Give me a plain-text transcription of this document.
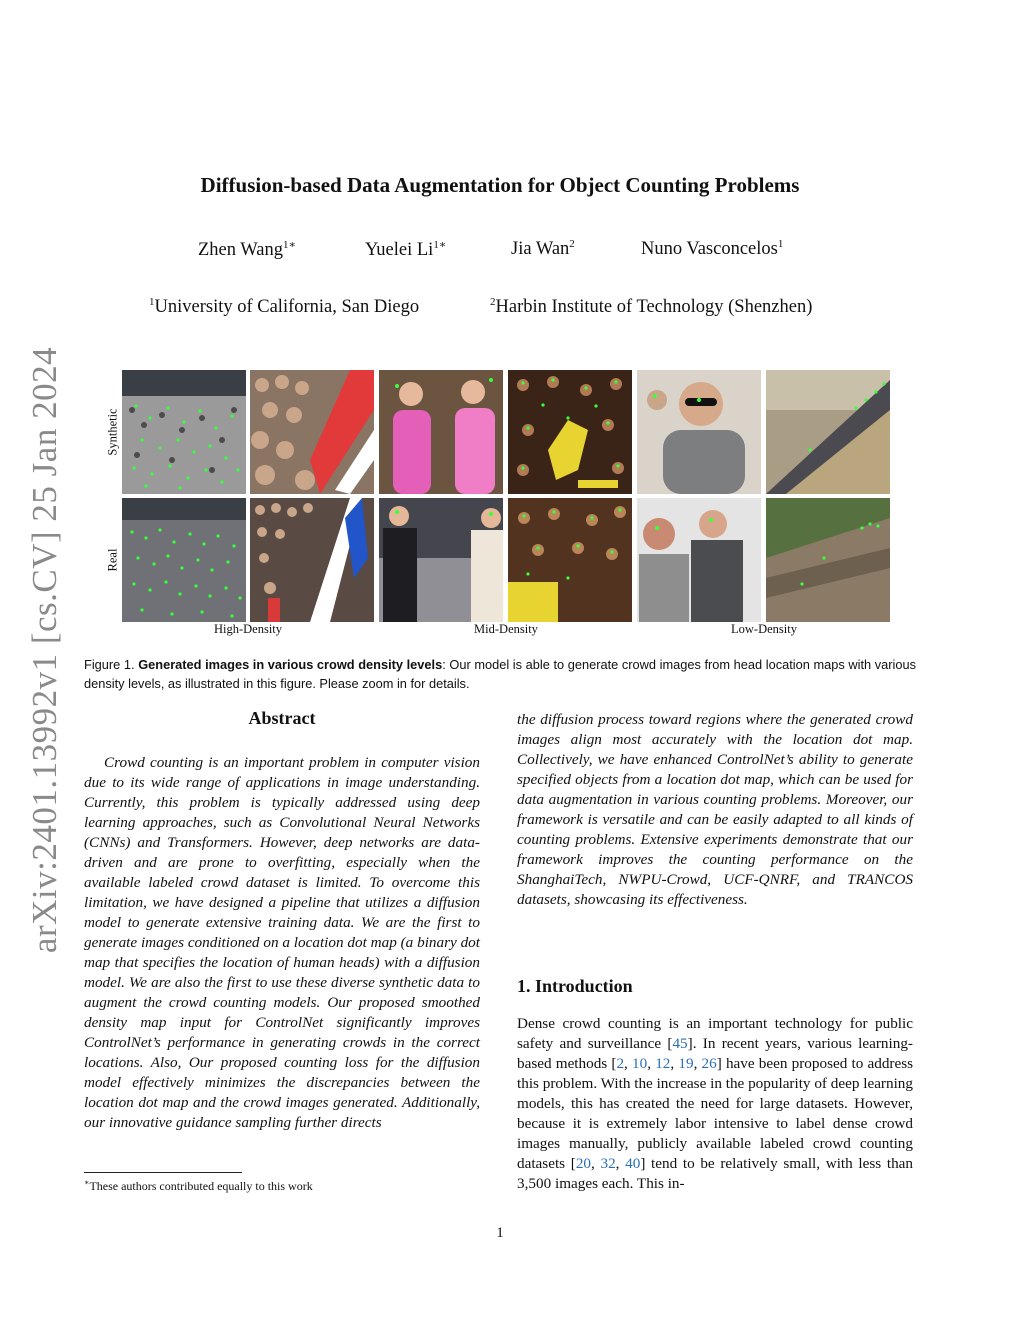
arXiv:2401.13992v1 [cs.CV] 25 Jan 2024
Diffusion-based Data Augmentation for Object Counting Problems
Zhen Wang$^{1∗}$	Yuelei $Li^{1∗}$	Jia Wan$^2$	Nuno Vasconcelos$^1$
$^1$University of California, San Diego	$^2$Harbin Institute of Technology (Shenzhen)
Synthetic
Real
High-Density	Mid-Density	Low-Density
Figure 1. Generated images in various crowd density levels: Our model is able to generate crowd images from head location maps with various density levels, as illustrated in this figure. Please zoom in for details.
Abstract
Crowd counting is an important problem in computer vision due to its wide range of applications in image understanding. Currently, this problem is typically addressed using deep learning approaches, such as Convolutional Neural Networks (CNNs) and Transformers. However, deep networks are data-driven and are prone to overfitting, especially when the available labeled crowd dataset is limited. To overcome this limitation, we have designed a pipeline that utilizes a diffusion model to generate extensive training data. We are the first to generate images conditioned on a location dot map (a binary dot map that specifies the location of human heads) with a diffusion model. We are also the first to use these diverse synthetic data to augment the crowd counting models. Our proposed smoothed density map input for ControlNet significantly improves ControlNet’s performance in generating crowds in the correct locations. Also, Our proposed counting loss for the diffusion model effectively minimizes the discrepancies between the location dot map and the crowd images generated. Additionally, our innovative guidance sampling further directs
the diffusion process toward regions where the generated crowd images align most accurately with the location dot map. Collectively, we have enhanced ControlNet’s ability to generate specified objects from a location dot map, which can be used for data augmentation in various counting problems. Moreover, our framework is versatile and can be easily adapted to all kinds of counting problems. Extensive experiments demonstrate that our framework improves the counting performance on the ShanghaiTech, NWPU-Crowd, UCF-QNRF, and TRANCOS datasets, showcasing its effectiveness.
1. Introduction
Dense crowd counting is an important technology for public safety and surveillance [45]. In recent years, various learning-based methods [2, 10, 12, 19, 26] have been proposed to address this problem. With the increase in the popularity of deep learning models, this has created the need for large datasets. However, because it is extremely labor intensive to label dense crowd images manually, publicly available labeled crowd counting datasets [20, 32, 40] tend to be relatively small, with less than 3,500 images each. This in-
∗These authors contributed equally to this work
1
